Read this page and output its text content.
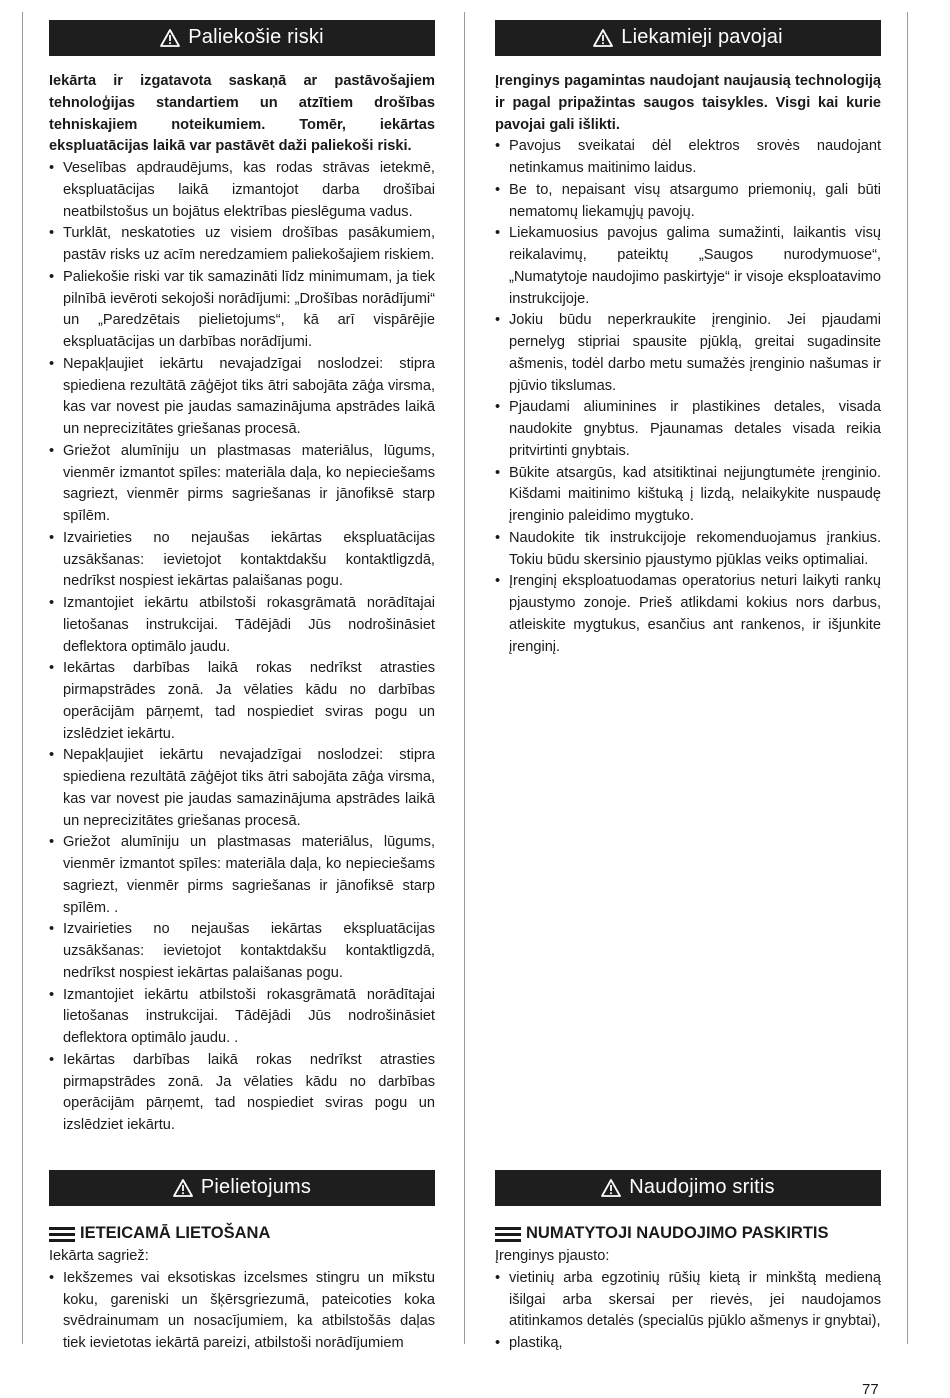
Paliekošie riski

Iekārta ir izgatavota saskaņā ar pastāvošajiem tehnoloģijas standartiem un atzītiem drošības tehniskajiem noteikumiem. Tomēr, iekārtas ekspluatācijas laikā var pastāvēt daži paliekoši riski.

• Veselības apdraudējums, kas rodas strāvas ietekmē, ekspluatācijas laikā izmantojot darba drošībai neatbilstošus un bojātus elektrības pieslēguma vadus.
• Turklāt, neskatoties uz visiem drošības pasākumiem, pastāv risks uz acīm neredzamiem paliekošajiem riskiem.
• Paliekošie riski var tik samazināti līdz minimumam, ja tiek pilnībā ievēroti sekojoši norādījumi: „Drošības norādījumi“ un „Paredzētais pielietojums“, kā arī vispārējie ekspluatācijas un darbības norādījumi.
• Nepakļaujiet iekārtu nevajadzīgai noslodzei: stipra spiediena rezultātā zāģējot tiks ātri sabojāta zāģa virsma, kas var novest pie jaudas samazinājuma apstrādes laikā un neprecizitātes griešanas procesā.
• Griežot alumīniju un plastmasas materiālus, lūgums, vienmēr izmantot spīles: materiāla daļa, ko nepieciešams sagriezt, vienmēr pirms sagriešanas ir jānofiksē starp spīlēm.
• Izvairieties no nejaušas iekārtas ekspluatācijas uzsākšanas: ievietojot kontaktdakšu kontaktligzdā, nedrīkst nospiest iekārtas palaišanas pogu.
• Izmantojiet iekārtu atbilstoši rokasgrāmatā norādītajai lietošanas instrukcijai. Tādējādi Jūs nodrošināsiet deflektora optimālo jaudu.
• Iekārtas darbības laikā rokas nedrīkst atrasties pirmapstrādes zonā. Ja vēlaties kādu no darbības operācijām pārņemt, tad nospiediet sviras pogu un izslēdziet iekārtu.
• Nepakļaujiet iekārtu nevajadzīgai noslodzei: stipra spiediena rezultātā zāģējot tiks ātri sabojāta zāģa virsma, kas var novest pie jaudas samazinājuma apstrādes laikā un neprecizitātes griešanas procesā.
• Griežot alumīniju un plastmasas materiālus, lūgums, vienmēr izmantot spīles: materiāla daļa, ko nepieciešams sagriezt, vienmēr pirms sagriešanas ir jānofiksē starp spīlēm. .
• Izvairieties no nejaušas iekārtas ekspluatācijas uzsākšanas: ievietojot kontaktdakšu kontaktligzdā, nedrīkst nospiest iekārtas palaišanas pogu.
• Izmantojiet iekārtu atbilstoši rokasgrāmatā norādītajai lietošanas instrukcijai. Tādējādi Jūs nodrošināsiet deflektora optimālo jaudu. .
• Iekārtas darbības laikā rokas nedrīkst atrasties pirmapstrādes zonā. Ja vēlaties kādu no darbības operācijām pārņemt, tad nospiediet sviras pogu un izslēdziet iekārtu.
Pielietojums
IETEICAMĀ LIETOŠANA

Iekārta sagriež:

• Iekšzemes vai eksotiskas izcelsmes stingru un mīkstu koku, gareniski un šķērsgriezumā, pateicoties koka svēdrainumam un nosacījumiem, ka atbilstošās daļas tiek ievietotas iekārtā pareizi, atbilstoši norādījumiem
Liekamieji pavojai

Įrenginys pagamintas naudojant naujausią technologiją ir pagal pripažintas saugos taisykles. Visgi kai kurie pavojai gali išlikti.

• Pavojus sveikatai dėl elektros srovės naudojant netinkamus maitinimo laidus.
• Be to, nepaisant visų atsargumo priemonių, gali būti nematomų liekamųjų pavojų.
• Liekamuosius pavojus galima sumažinti, laikantis visų reikalavimų, pateiktų „Saugos nurodymuose“, „Numatytoje naudojimo paskirtyje“ ir visoje eksploatavimo instrukcijoje.
• Jokiu būdu neperkraukite įrenginio. Jei pjaudami pernelyg stipriai spausite pjūklą, greitai sugadinsite ašmenis, todėl darbo metu sumažės įrenginio našumas ir pjūvio tikslumas.
• Pjaudami aliuminines ir plastikines detales, visada naudokite gnybtus. Pjaunamas detales visada reikia pritvirtinti gnybtais.
• Būkite atsargūs, kad atsitiktinai neįjungtumėte įrenginio. Kišdami maitinimo kištuką į lizdą, nelaikykite nuspaudę įrenginio paleidimo mygtuko.
• Naudokite tik instrukcijoje rekomenduojamus įrankius. Tokiu būdu skersinio pjaustymo pjūklas veiks optimaliai.
• Įrenginį eksploatuodamas operatorius neturi laikyti rankų pjaustymo zonoje. Prieš atlikdami kokius nors darbus, atleiskite mygtukus, esančius ant rankenos, ir išjunkite įrenginį.
Naudojimo sritis
NUMATYTOJI NAUDOJIMO PASKIRTIS

Įrenginys pjausto:

• vietinių arba egzotinių rūšių kietą ir minkštą medieną išilgai arba skersai per rievės, jei naudojamos atitinkamos detalės (specialūs pjūklo ašmenys ir gnybtai),
• plastiką,
77
